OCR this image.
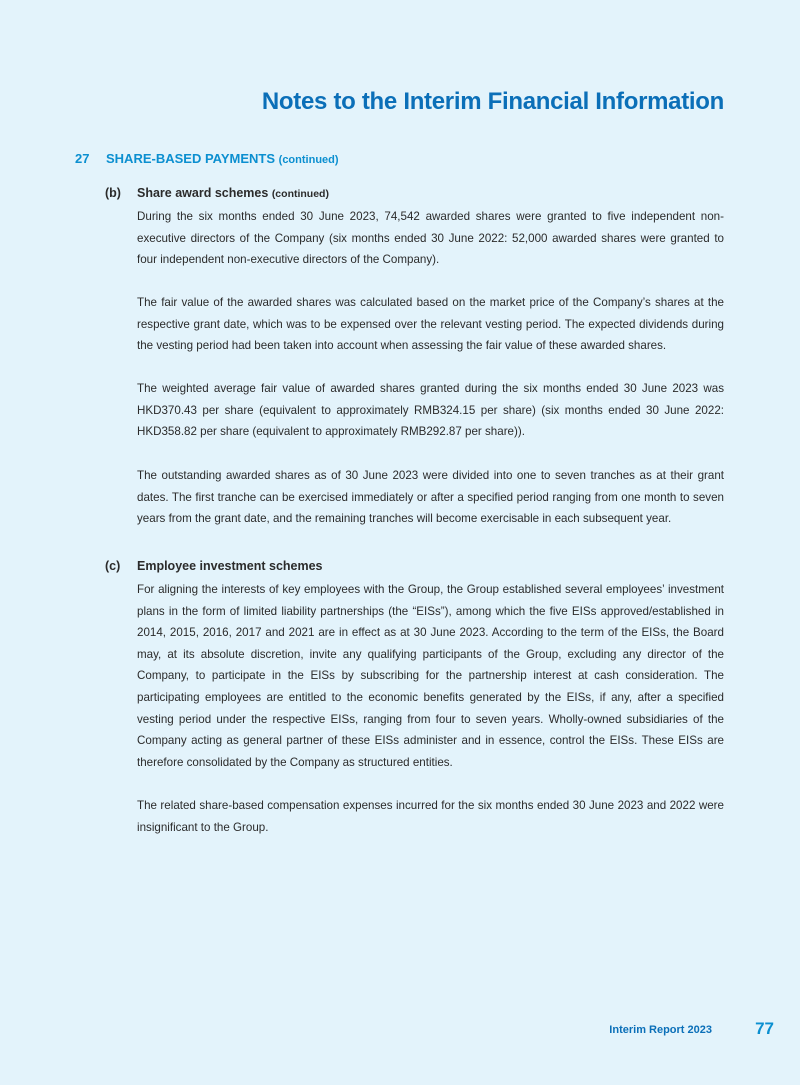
Notes to the Interim Financial Information
27 SHARE-BASED PAYMENTS (continued)
(b) Share award schemes (continued)

During the six months ended 30 June 2023, 74,542 awarded shares were granted to five independent non-executive directors of the Company (six months ended 30 June 2022: 52,000 awarded shares were granted to four independent non-executive directors of the Company).

The fair value of the awarded shares was calculated based on the market price of the Company’s shares at the respective grant date, which was to be expensed over the relevant vesting period. The expected dividends during the vesting period had been taken into account when assessing the fair value of these awarded shares.

The weighted average fair value of awarded shares granted during the six months ended 30 June 2023 was HKD370.43 per share (equivalent to approximately RMB324.15 per share) (six months ended 30 June 2022: HKD358.82 per share (equivalent to approximately RMB292.87 per share)).

The outstanding awarded shares as of 30 June 2023 were divided into one to seven tranches as at their grant dates. The first tranche can be exercised immediately or after a specified period ranging from one month to seven years from the grant date, and the remaining tranches will become exercisable in each subsequent year.

(c) Employee investment schemes

For aligning the interests of key employees with the Group, the Group established several employees’ investment plans in the form of limited liability partnerships (the “EISs”), among which the five EISs approved/established in 2014, 2015, 2016, 2017 and 2021 are in effect as at 30 June 2023. According to the term of the EISs, the Board may, at its absolute discretion, invite any qualifying participants of the Group, excluding any director of the Company, to participate in the EISs by subscribing for the partnership interest at cash consideration. The participating employees are entitled to the economic benefits generated by the EISs, if any, after a specified vesting period under the respective EISs, ranging from four to seven years. Wholly-owned subsidiaries of the Company acting as general partner of these EISs administer and in essence, control the EISs. These EISs are therefore consolidated by the Company as structured entities.

The related share-based compensation expenses incurred for the six months ended 30 June 2023 and 2022 were insignificant to the Group.

Interim Report 2023	77
